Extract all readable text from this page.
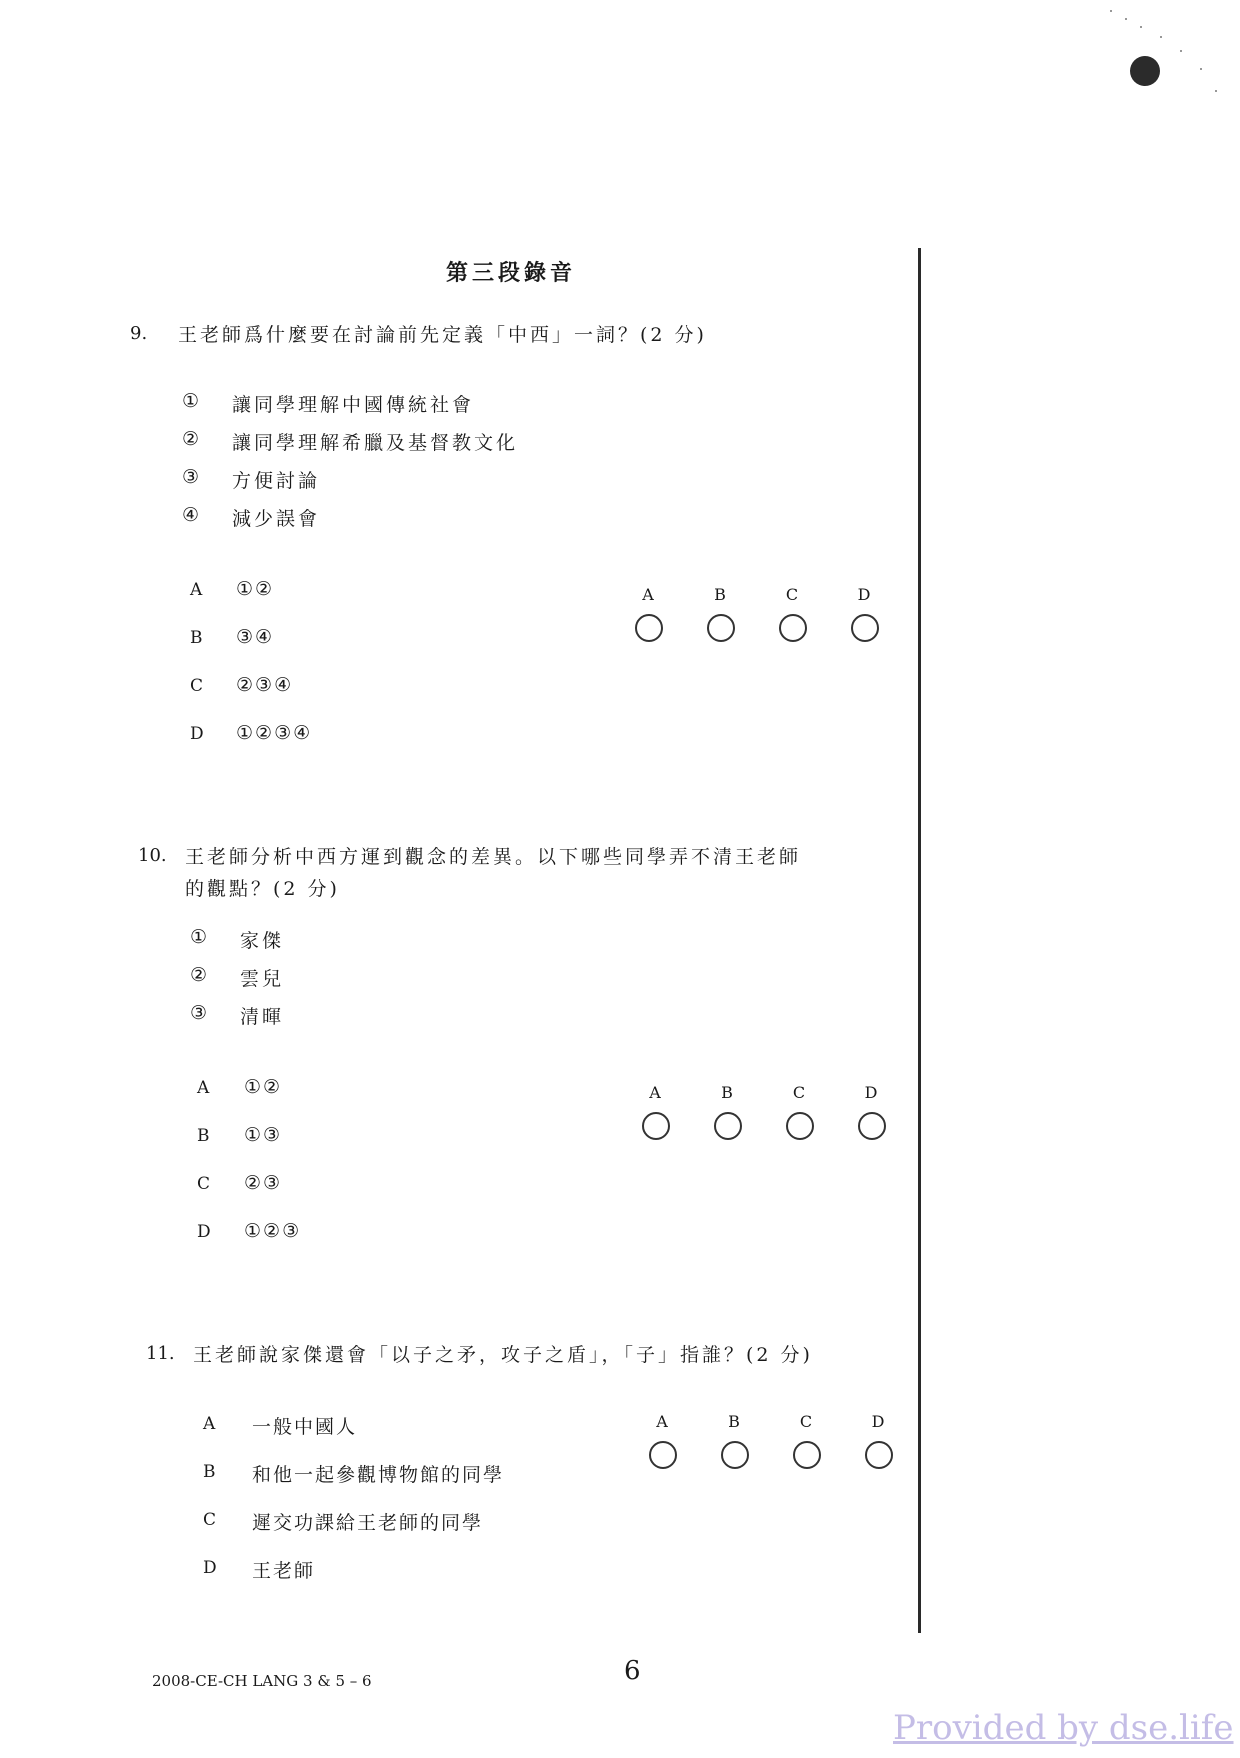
第三段錄音
9. 王老師爲什麼要在討論前先定義「中西」一詞？(2 分)
① 讓同學理解中國傳統社會
② 讓同學理解希臘及基督教文化
③ 方便討論
④ 減少誤會
A ①②
B ③④
C ②③④
D ①②③④
A	B	C	D
10. 王老師分析中西方運到觀念的差異。以下哪些同學弄不清王老師
的觀點？(2 分)
① 家傑
② 雲兒
③ 清暉
A ①②
B ①③
C ②③
D ①②③
A	B	C	D
11. 王老師說家傑還會「以子之矛，攻子之盾」，「子」指誰？(2 分)
A 一般中國人
B 和他一起參觀博物館的同學
C 遲交功課給王老師的同學
D 王老師
A	B	C	D
2008-CE-CH LANG 3 & 5 – 6	6
Provided by dse.life
